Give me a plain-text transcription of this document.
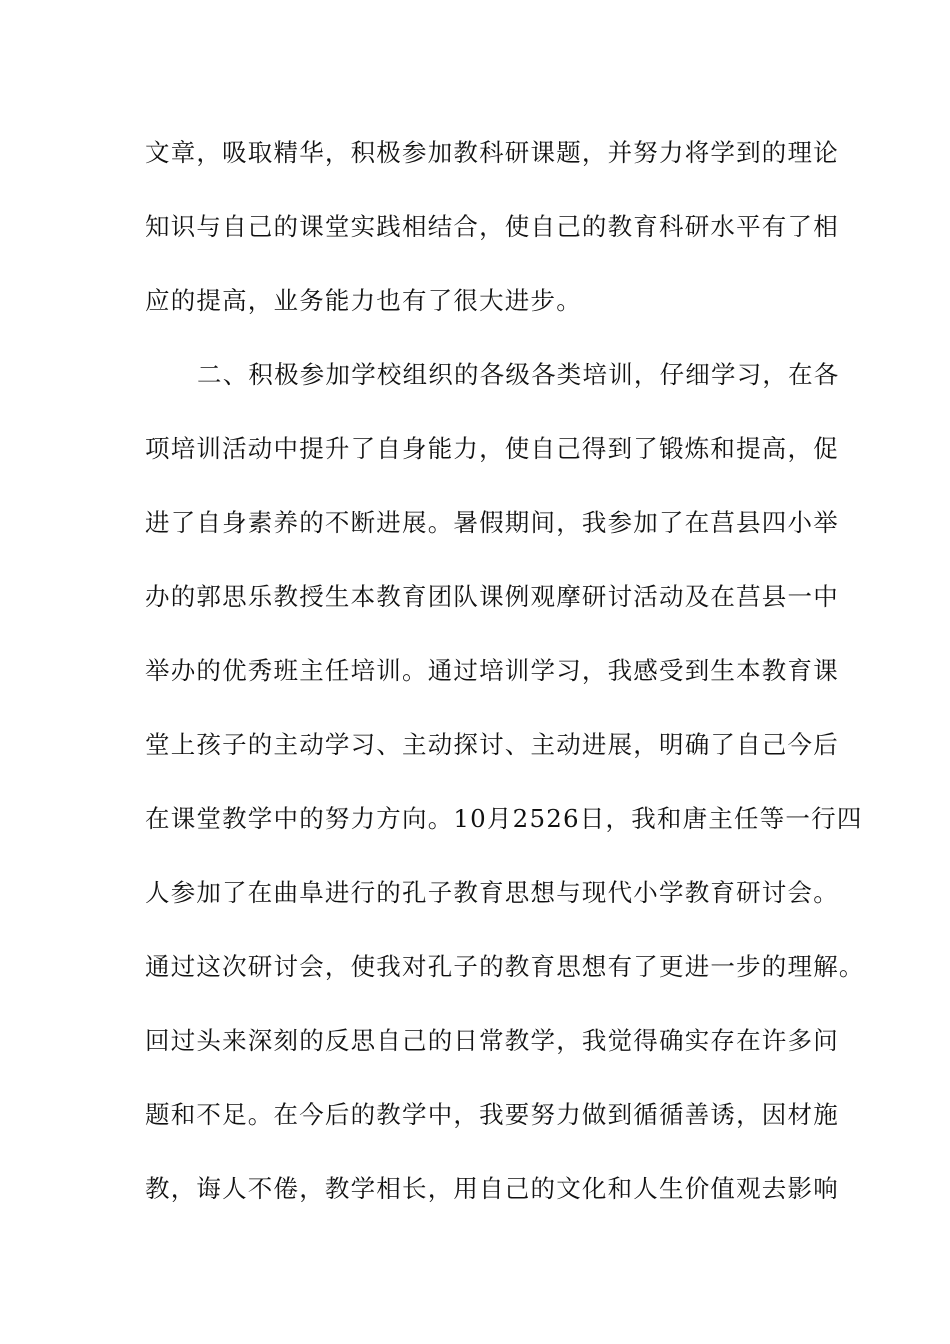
文章，吸取精华，积极参加教科研课题，并努力将学到的理论
知识与自己的课堂实践相结合，使自己的教育科研水平有了相
应的提高，业务能力也有了很大进步。
二、积极参加学校组织的各级各类培训，仔细学习，在各
项培训活动中提升了自身能力，使自己得到了锻炼和提高，促
进了自身素养的不断进展。暑假期间，我参加了在莒县四小举
办的郭思乐教授生本教育团队课例观摩研讨活动及在莒县一中
举办的优秀班主任培训。通过培训学习，我感受到生本教育课
堂上孩子的主动学习、主动探讨、主动进展，明确了自己今后
在课堂教学中的努力方向。10月2526日，我和唐主任等一行四
人参加了在曲阜进行的孔子教育思想与现代小学教育研讨会。
通过这次研讨会，使我对孔子的教育思想有了更进一步的理解。
回过头来深刻的反思自己的日常教学，我觉得确实存在许多问
题和不足。在今后的教学中，我要努力做到循循善诱，因材施
教，诲人不倦，教学相长，用自己的文化和人生价值观去影响
